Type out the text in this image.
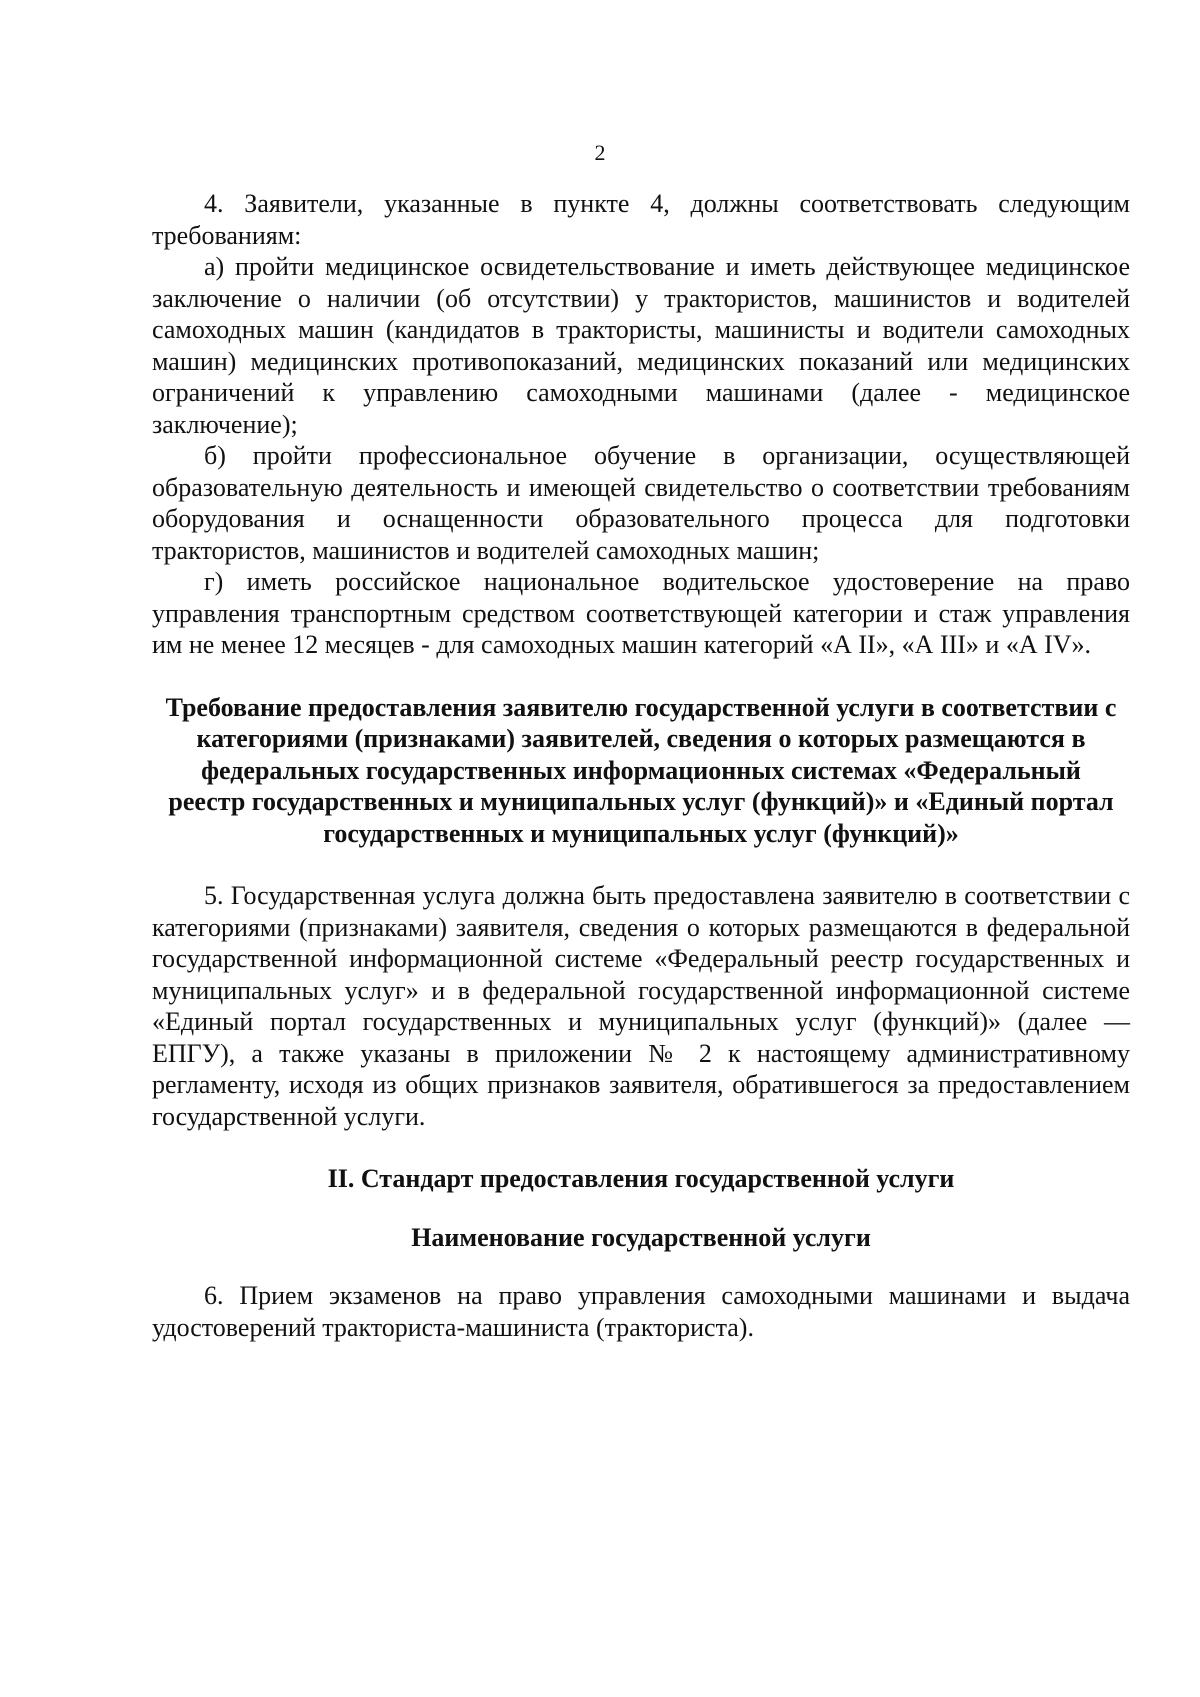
2

4. Заявители, указанные в пункте 4, должны соответствовать следующим требованиям:

а) пройти медицинское освидетельствование и иметь действующее медицинское заключение о наличии (об отсутствии) у трактористов, машинистов и водителей самоходных машин (кандидатов в трактористы, машинисты и водители самоходных машин) медицинских противопоказаний, медицинских показаний или медицинских ограничений к управлению самоходными машинами (далее - медицинское заключение);

б) пройти профессиональное обучение в организации, осуществляющей образовательную деятельность и имеющей свидетельство о соответствии требованиям оборудования и оснащенности образовательного процесса для подготовки трактористов, машинистов и водителей самоходных машин;

г) иметь российское национальное водительское удостоверение на право управления транспортным средством соответствующей категории и стаж управления им не менее 12 месяцев - для самоходных машин категорий «А II», «А III» и «А IV».

Требование предоставления заявителю государственной услуги в соответствии с категориями (признаками) заявителей, сведения о которых размещаются в федеральных государственных информационных системах «Федеральный реестр государственных и муниципальных услуг (функций)» и «Единый портал государственных и муниципальных услуг (функций)»

5. Государственная услуга должна быть предоставлена заявителю в соответствии с категориями (признаками) заявителя, сведения о которых размещаются в федеральной государственной информационной системе «Федеральный реестр государственных и муниципальных услуг» и в федеральной государственной информационной системе «Единый портал государственных и муниципальных услуг (функций)» (далее — ЕПГУ), а также указаны в приложении № 2 к настоящему административному регламенту, исходя из общих признаков заявителя, обратившегося за предоставлением государственной услуги.

II. Стандарт предоставления государственной услуги

Наименование государственной услуги

6. Прием экзаменов на право управления самоходными машинами и выдача удостоверений тракториста-машиниста (тракториста).
